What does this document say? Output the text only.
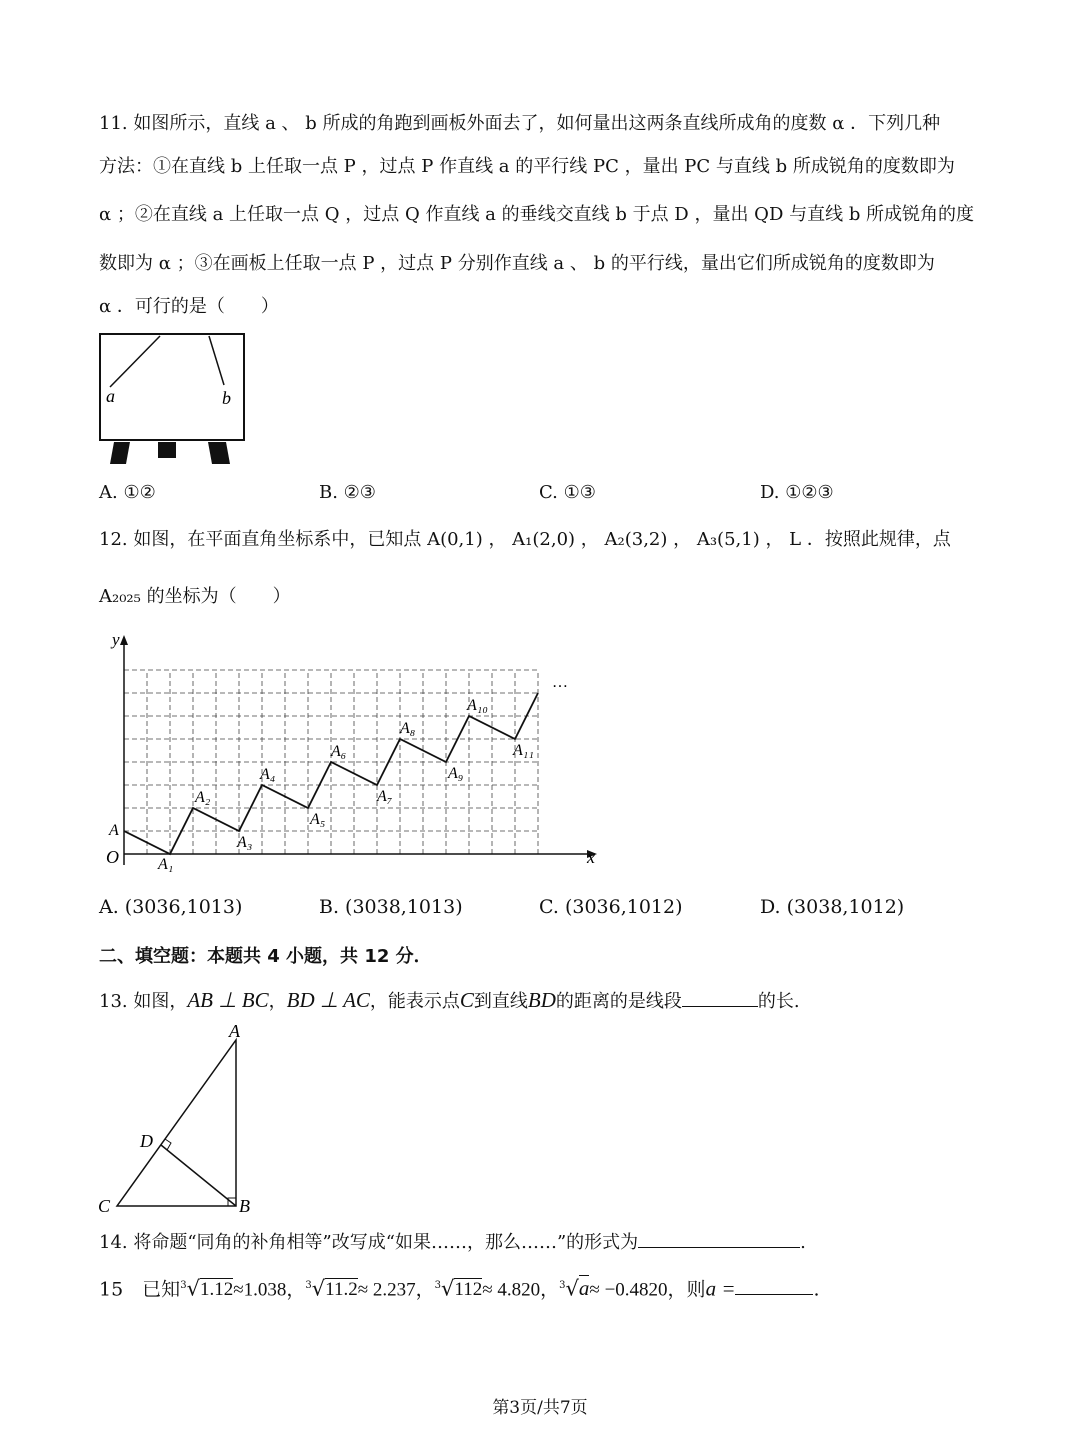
11. 如图所示，直线 a 、 b 所成的角跑到画板外面去了，如何量出这两条直线所成角的度数 α ．下列几种
方法：①在直线 b 上任取一点 P ，过点 P 作直线 a 的平行线 PC ，量出 PC 与直线 b 所成锐角的度数即为
α ；②在直线 a 上任取一点 Q ，过点 Q 作直线 a 的垂线交直线 b 于点 D ，量出 QD 与直线 b 所成锐角的度
数即为 α ；③在画板上任取一点 P ，过点 P 分别作直线 a 、 b 的平行线，量出它们所成锐角的度数即为
α ．可行的是（　　）
a	b
A. ①②	B. ②③	C. ①③	D. ①②③
12. 如图，在平面直角坐标系中，已知点 A(0,1) ， A₁(2,0) ， A₂(3,2) ， A₃(5,1) ， L ．按照此规律，点
A₂₀₂₅ 的坐标为（　　）
y
x
O
…
A
A₁
A₂
A₃
A₄
A₅
A₆
A₇
A₈
A₉
A₁₀
A₁₁
A. (3036,1013)	B. (3038,1013)	C. (3036,1012)	D. (3038,1012)
二、填空题：本题共 4 小题，共 12 分．
13. 如图，AB ⊥ BC，BD ⊥ AC，能表示点C到直线BD的距离的是线段	的长.
A
B
C
D
14. 将命题“同角的补角相等”改写成“如果……，那么……”的形式为	.
15　已知$^3$√1.12≈1.038，$^3$√11.2≈ 2.237，$^3$√112≈ 4.820，$^3$√a≈ −0.4820，则a =	.
第3页/共7页
